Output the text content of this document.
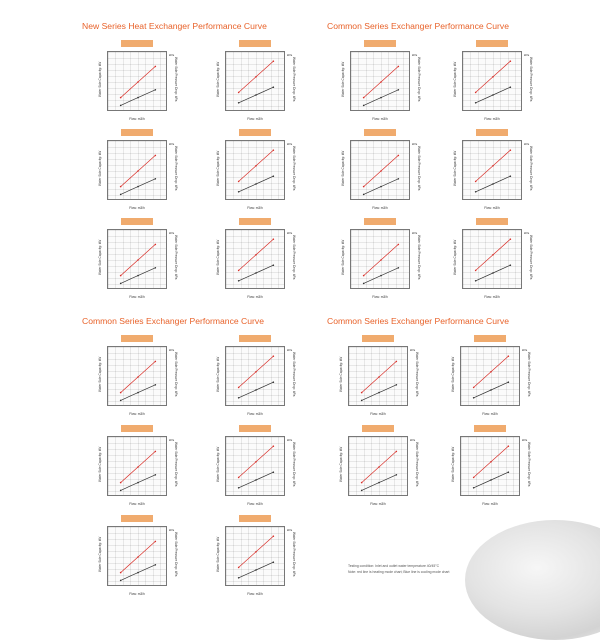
New Series Heat Exchanger Performance Curve	Common Series Exchanger Performance Curve
Common Series Exchanger Performance Curve	Common Series Exchanger Performance Curve
Water Side Capacity: kW	Water Side Pressure Drop: kPa
kPa
Flow: m3/h
Water Side Capacity: kW	Water Side Pressure Drop: kPa
kPa
Flow: m3/h
Water Side Capacity: kW	Water Side Pressure Drop: kPa
kPa
Flow: m3/h
Water Side Capacity: kW	Water Side Pressure Drop: kPa
kPa
Flow: m3/h
Water Side Capacity: kW	Water Side Pressure Drop: kPa
kPa
Flow: m3/h
Water Side Capacity: kW	Water Side Pressure Drop: kPa
kPa
Flow: m3/h
Water Side Capacity: kW	Water Side Pressure Drop: kPa
kPa
Flow: m3/h
Water Side Capacity: kW	Water Side Pressure Drop: kPa
kPa
Flow: m3/h
Water Side Capacity: kW	Water Side Pressure Drop: kPa
kPa
Flow: m3/h
Water Side Capacity: kW	Water Side Pressure Drop: kPa
kPa
Flow: m3/h
Water Side Capacity: kW	Water Side Pressure Drop: kPa
kPa
Flow: m3/h
Water Side Capacity: kW	Water Side Pressure Drop: kPa
kPa
Flow: m3/h
Water Side Capacity: kW	Water Side Pressure Drop: kPa
kPa
Flow: m3/h
Water Side Capacity: kW	Water Side Pressure Drop: kPa
kPa
Flow: m3/h
Water Side Capacity: kW	Water Side Pressure Drop: kPa
kPa
Flow: m3/h
Water Side Capacity: kW	Water Side Pressure Drop: kPa
kPa
Flow: m3/h
Water Side Capacity: kW	Water Side Pressure Drop: kPa
kPa
Flow: m3/h
Water Side Capacity: kW	Water Side Pressure Drop: kPa
kPa
Flow: m3/h
Water Side Capacity: kW	Water Side Pressure Drop: kPa
kPa
Flow: m3/h
Water Side Capacity: kW	Water Side Pressure Drop: kPa
kPa
Flow: m3/h
Water Side Capacity: kW	Water Side Pressure Drop: kPa
kPa
Flow: m3/h
Water Side Capacity: kW	Water Side Pressure Drop: kPa
kPa
Flow: m3/h
Testing condition: Inlet and outlet water temperature 40/45°C
Note: red line is heating mode chart; Blue line is cooling mode chart
